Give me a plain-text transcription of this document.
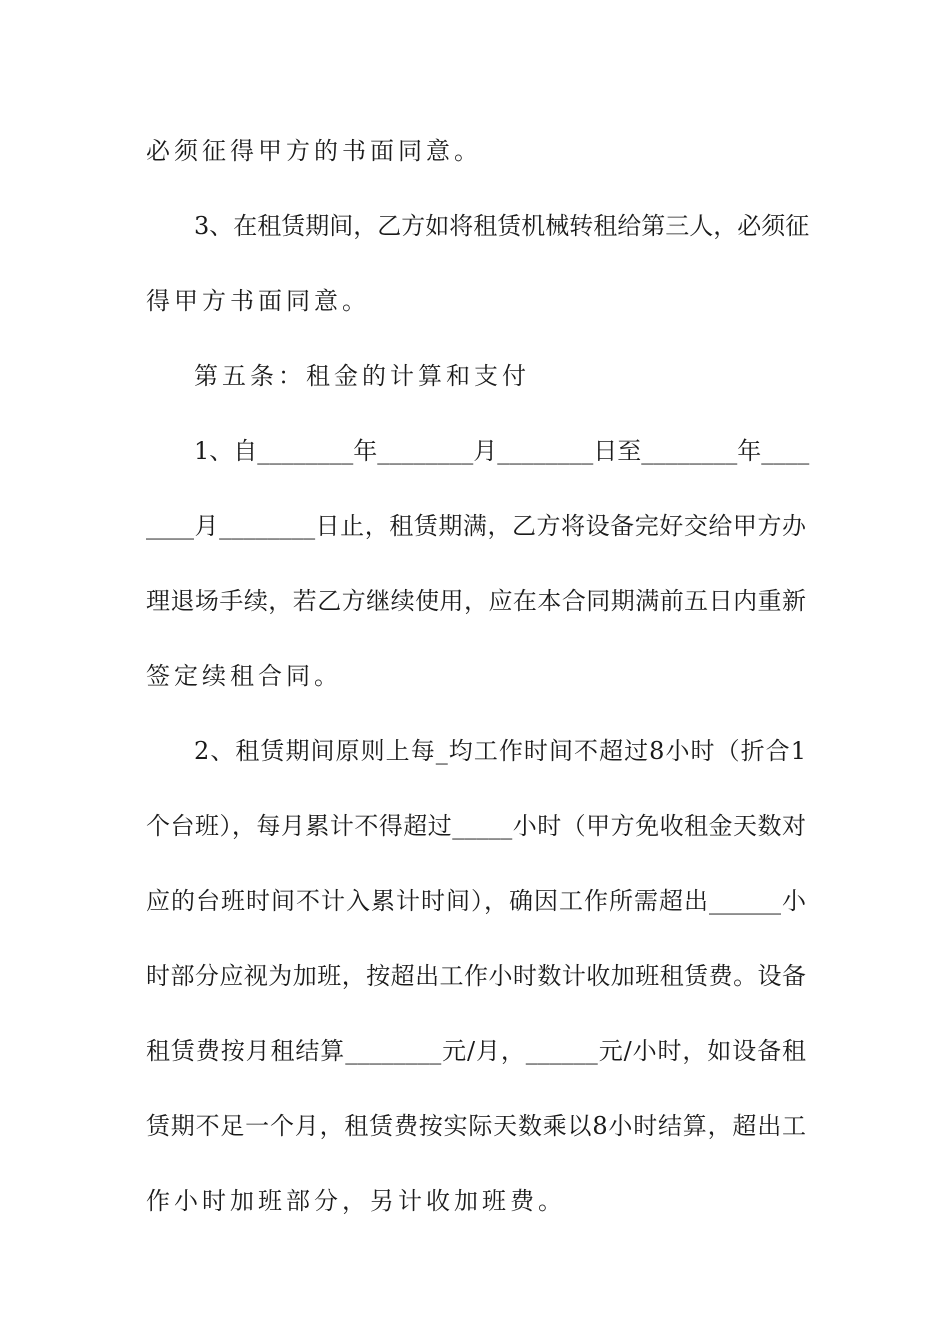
必须征得甲方的书面同意。
3、在租赁期间，乙方如将租赁机械转租给第三人，必须征
得甲方书面同意。
第五条：租金的计算和支付
1、自________年________月________日至________年____
____月________日止，租赁期满，乙方将设备完好交给甲方办
理退场手续，若乙方继续使用，应在本合同期满前五日内重新
签定续租合同。
2、租赁期间原则上每_均工作时间不超过8小时（折合1
个台班），每月累计不得超过_____小时（甲方免收租金天数对
应的台班时间不计入累计时间），确因工作所需超出______小
时部分应视为加班，按超出工作小时数计收加班租赁费。设备
租赁费按月租结算________元/月，______元/小时，如设备租
赁期不足一个月，租赁费按实际天数乘以8小时结算，超出工
作小时加班部分，另计收加班费。
